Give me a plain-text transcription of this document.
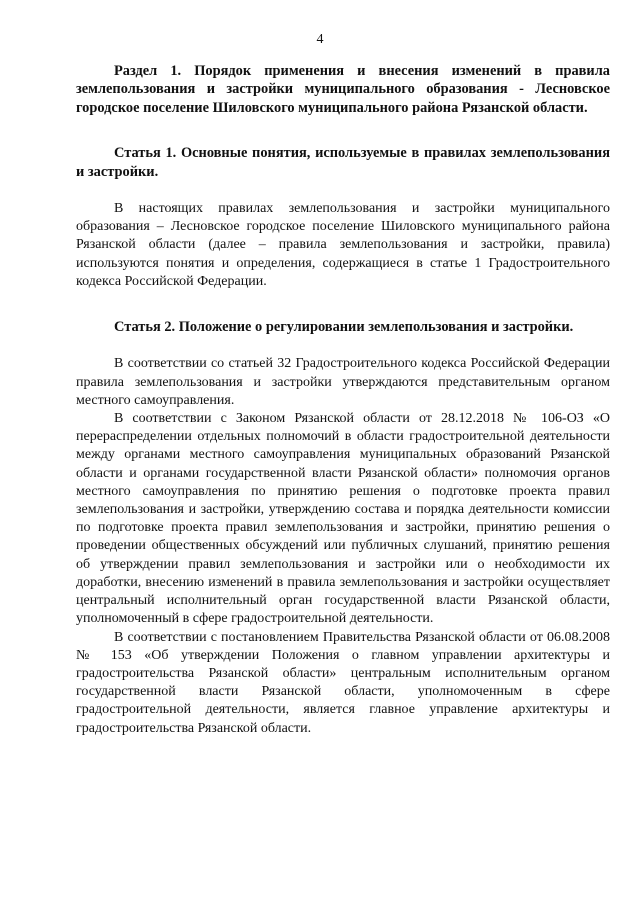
4

Раздел 1. Порядок применения и внесения изменений в правила землепользования и застройки муниципального образования - Лесновское городское поселение Шиловского муниципального района Рязанской области.

Статья 1. Основные понятия, используемые в правилах землепользования и застройки.

В настоящих правилах землепользования и застройки муниципального образования – Лесновское городское поселение Шиловского муниципального района Рязанской области (далее – правила землепользования и застройки, правила) используются понятия и определения, содержащиеся в статье 1 Градостроительного кодекса Российской Федерации.

Статья 2. Положение о регулировании землепользования и застройки.

В соответствии со статьей 32 Градостроительного кодекса Российской Федерации правила землепользования и застройки утверждаются представительным органом местного самоуправления.

В соответствии с Законом Рязанской области от 28.12.2018 № 106-ОЗ «О перераспределении отдельных полномочий в области градостроительной деятельности между органами местного самоуправления муниципальных образований Рязанской области и органами государственной власти Рязанской области» полномочия органов местного самоуправления по принятию решения о подготовке проекта правил землепользования и застройки, утверждению состава и порядка деятельности комиссии по подготовке проекта правил землепользования и застройки, принятию решения о проведении общественных обсуждений или публичных слушаний, принятию решения об утверждении правил землепользования и застройки или о необходимости их доработки, внесению изменений в правила землепользования и застройки осуществляет центральный исполнительный орган государственной власти Рязанской области, уполномоченный в сфере градостроительной деятельности.

В соответствии с постановлением Правительства Рязанской области от 06.08.2008 № 153 «Об утверждении Положения о главном управлении архитектуры и градостроительства Рязанской области» центральным исполнительным органом государственной власти Рязанской области, уполномоченным в сфере градостроительной деятельности, является главное управление архитектуры и градостроительства Рязанской области.
